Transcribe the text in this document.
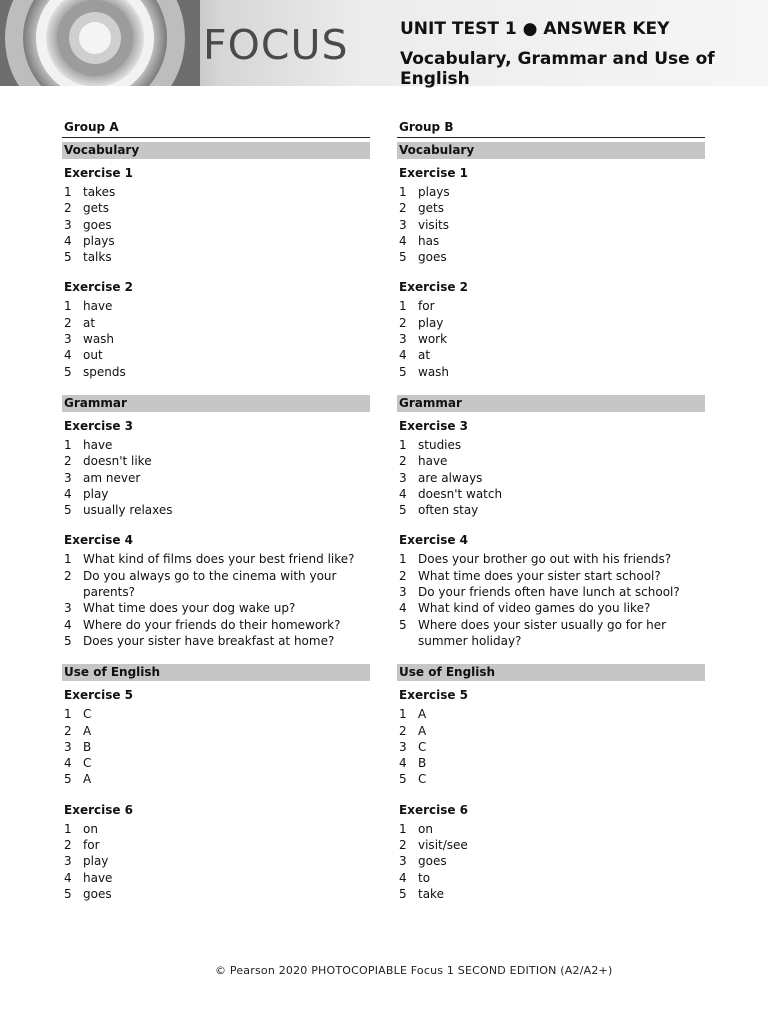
FOCUS	UNIT TEST 1 ● ANSWER KEY
Vocabulary, Grammar and Use of English
Group A
Vocabulary
Exercise 1
1 takes
2 gets
3 goes
4 plays
5 talks
Exercise 2
1 have
2 at
3 wash
4 out
5 spends
Grammar
Exercise 3
1 have
2 doesn't like
3 am never
4 play
5 usually relaxes
Exercise 4
1 What kind of films does your best friend like?
2 Do you always go to the cinema with your parents?
3 What time does your dog wake up?
4 Where do your friends do their homework?
5 Does your sister have breakfast at home?
Use of English
Exercise 5
1 C
2 A
3 B
4 C
5 A
Exercise 6
1 on
2 for
3 play
4 have
5 goes
Group B
Vocabulary
Exercise 1
1 plays
2 gets
3 visits
4 has
5 goes
Exercise 2
1 for
2 play
3 work
4 at
5 wash
Grammar
Exercise 3
1 studies
2 have
3 are always
4 doesn't watch
5 often stay
Exercise 4
1 Does your brother go out with his friends?
2 What time does your sister start school?
3 Do your friends often have lunch at school?
4 What kind of video games do you like?
5 Where does your sister usually go for her summer holiday?
Use of English
Exercise 5
1 A
2 A
3 C
4 B
5 C
Exercise 6
1 on
2 visit/see
3 goes
4 to
5 take
© Pearson 2020 PHOTOCOPIABLE Focus 1 SECOND EDITION (A2/A2+)
